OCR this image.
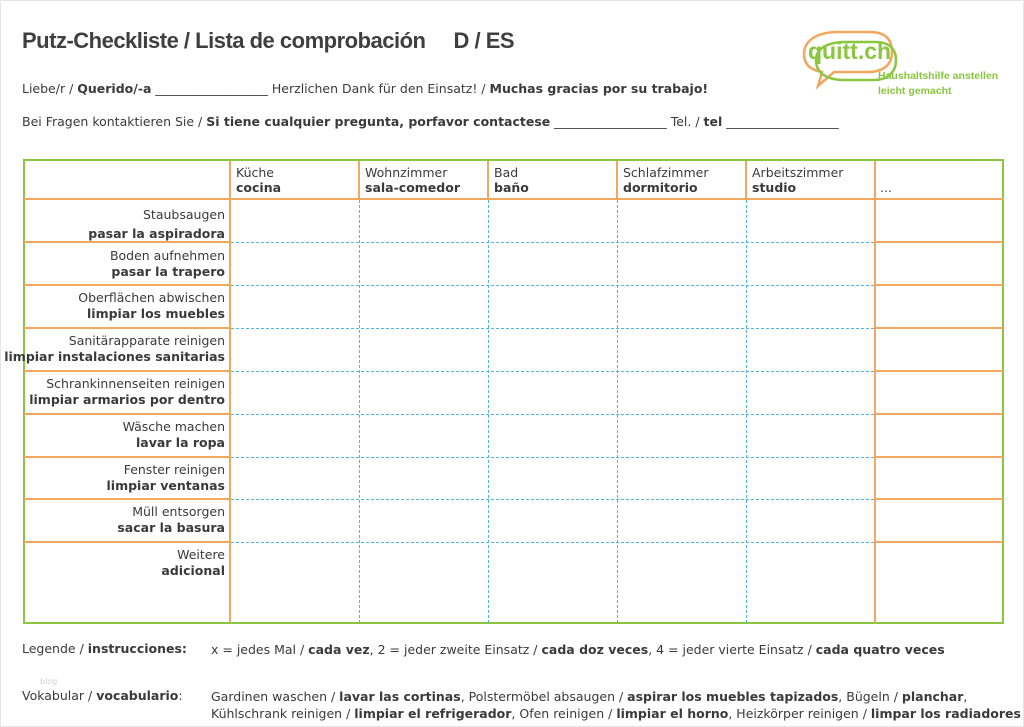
Putz-Checkliste / Lista de comprobación D / ES	quitt.ch
Haushaltshilfe anstellen
leicht gemacht
Liebe/r / Querido/-a __________________ Herzlichen Dank für den Einsatz! / Muchas gracias por su trabajo!
Bei Fragen kontaktieren Sie / Si tiene cualquier pregunta, porfavor contactese __________________ Tel. / tel __________________
Küche
cocina
Wohnzimmer
sala-comedor
Bad
baño
Schlafzimmer
dormitorio
Arbeitszimmer
studio	...
Staubsaugen
pasar la aspiradora
Boden aufnehmen
pasar la trapero
Oberflächen abwischen
limpiar los muebles
Sanitärapparate reinigen
limpiar instalaciones sanitarias
Schrankinnenseiten reinigen
limpiar armarios por dentro
Wäsche machen
lavar la ropa
Fenster reinigen
limpiar ventanas
Müll entsorgen
sacar la basura
Weitere
adicional
Legende / instrucciones: x = jedes Mal / cada vez, 2 = jeder zweite Einsatz / cada doz veces, 4 = jeder vierte Einsatz / cada quatro veces
blog
Vokabular / vocabulario: Gardinen waschen / lavar las cortinas, Polstermöbel absaugen / aspirar los muebles tapizados, Bügeln / planchar,
Kühlschrank reinigen / limpiar el refrigerador, Ofen reinigen / limpiar el horno, Heizkörper reinigen / limpar los radiadores
